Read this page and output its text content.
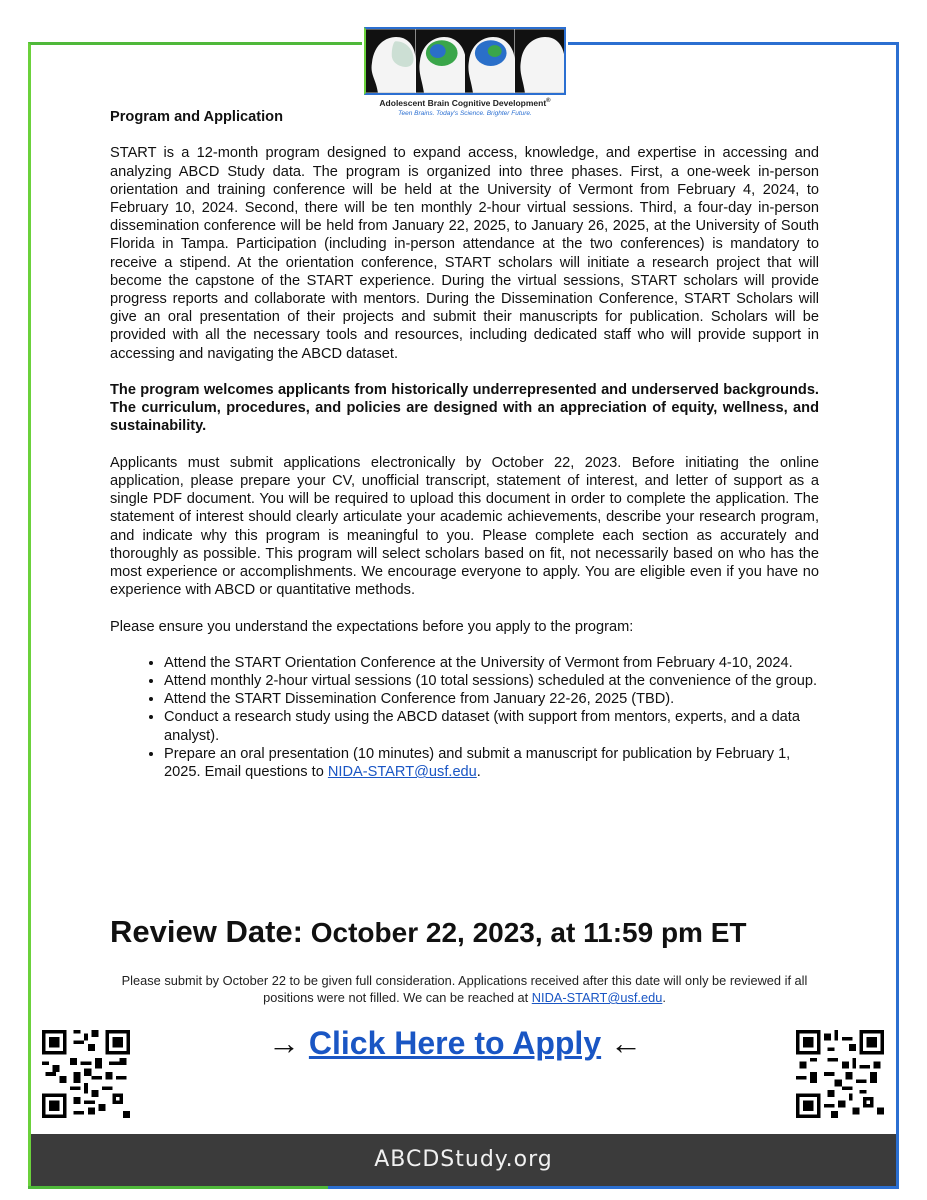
Adolescent Brain Cognitive Development®
Teen Brains. Today's Science. Brighter Future.

Program and Application

START is a 12-month program designed to expand access, knowledge, and expertise in accessing and analyzing ABCD Study data. The program is organized into three phases. First, a one-week in-person orientation and training conference will be held at the University of Vermont from February 4, 2024, to February 10, 2024. Second, there will be ten monthly 2-hour virtual sessions. Third, a four-day in-person dissemination conference will be held from January 22, 2025, to January 26, 2025, at the University of South Florida in Tampa. Participation (including in-person attendance at the two conferences) is mandatory to receive a stipend. At the orientation conference, START scholars will initiate a research project that will become the capstone of the START experience. During the virtual sessions, START scholars will provide progress reports and collaborate with mentors. During the Dissemination Conference, START Scholars will give an oral presentation of their projects and submit their manuscripts for publication. Scholars will be provided with all the necessary tools and resources, including dedicated staff who will provide support in accessing and navigating the ABCD dataset.

The program welcomes applicants from historically underrepresented and underserved backgrounds. The curriculum, procedures, and policies are designed with an appreciation of equity, wellness, and sustainability.

Applicants must submit applications electronically by October 22, 2023. Before initiating the online application, please prepare your CV, unofficial transcript, statement of interest, and letter of support as a single PDF document. You will be required to upload this document in order to complete the application. The statement of interest should clearly articulate your academic achievements, describe your research program, and indicate why this program is meaningful to you. Please complete each section as accurately and thoroughly as possible. This program will select scholars based on fit, not necessarily based on who has the most experience or accomplishments. We encourage everyone to apply. You are eligible even if you have no experience with ABCD or quantitative methods.

Please ensure you understand the expectations before you apply to the program:

• Attend the START Orientation Conference at the University of Vermont from February 4-10, 2024.
• Attend monthly 2-hour virtual sessions (10 total sessions) scheduled at the convenience of the group.
• Attend the START Dissemination Conference from January 22-26, 2025 (TBD).
• Conduct a research study using the ABCD dataset (with support from mentors, experts, and a data analyst).
• Prepare an oral presentation (10 minutes) and submit a manuscript for publication by February 1, 2025. Email questions to NIDA-START@usf.edu.
Review Date: October 22, 2023, at 11:59 pm ET
Please submit by October 22 to be given full consideration. Applications received after this date will only be reviewed if all positions were not filled. We can be reached at NIDA-START@usf.edu.
→ Click Here to Apply ←
ABCDStudy.org
